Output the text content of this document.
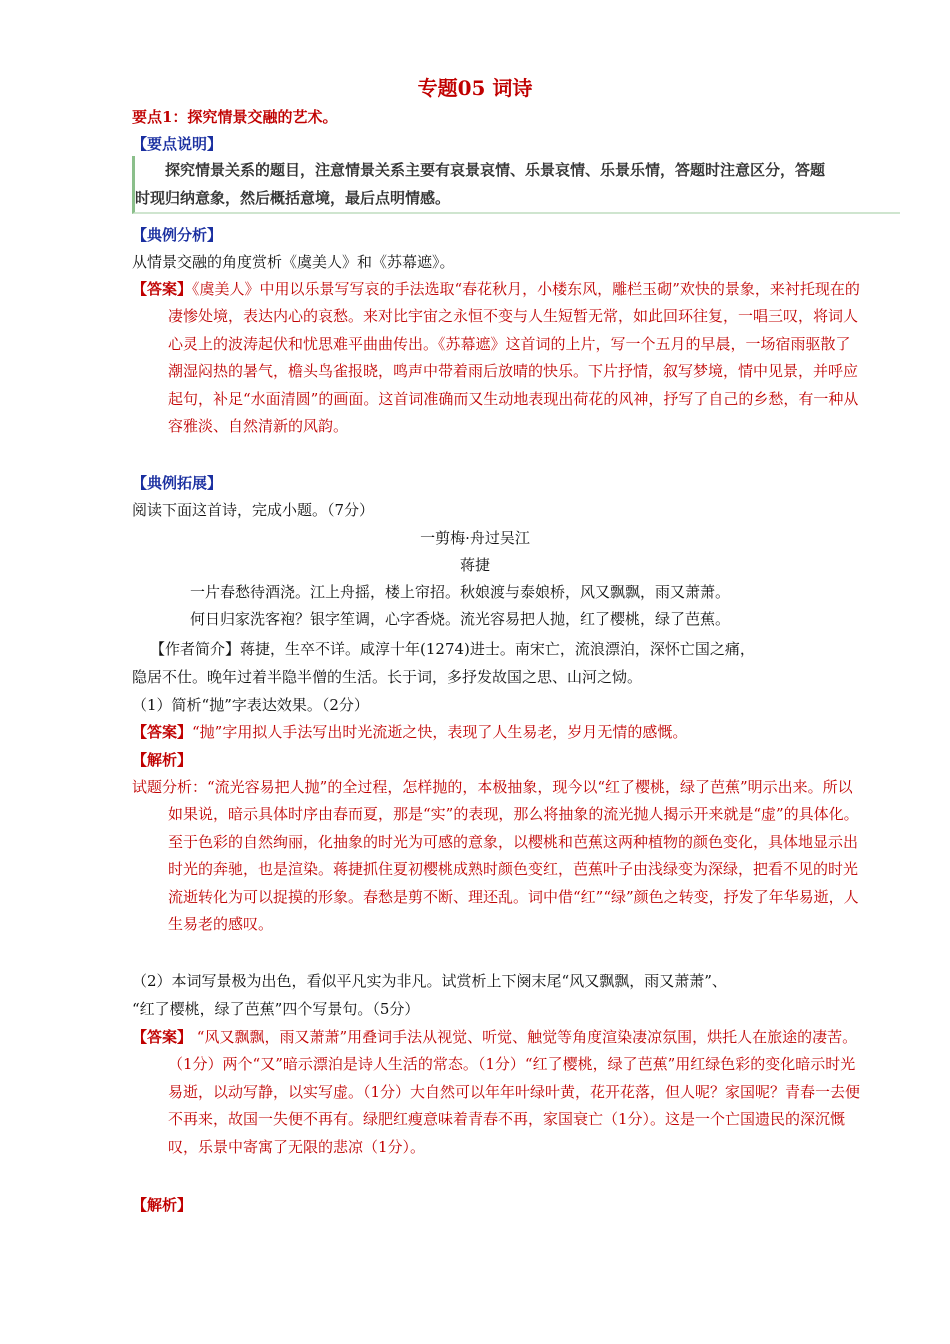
专题05 词诗
要点1：探究情景交融的艺术。
【要点说明】
探究情景关系的题目，注意情景关系主要有哀景哀情、乐景哀情、乐景乐情，答题时注意区分，答题
时现归纳意象，然后概括意境，最后点明情感。
【典例分析】
从情景交融的角度赏析《虞美人》和《苏幕遮》。
【答案】《虞美人》中用以乐景写写哀的手法选取“春花秋月，小楼东风，雕栏玉砌”欢快的景象，来衬托现在的凄惨处境，表达内心的哀愁。来对比宇宙之永恒不变与人生短暂无常，如此回环往复，一唱三叹，将词人心灵上的波涛起伏和忧思难平曲曲传出。《苏幕遮》这首词的上片，写一个五月的早晨，一场宿雨驱散了潮湿闷热的暑气，檐头鸟雀报晓，鸣声中带着雨后放晴的快乐。下片抒情，叙写梦境，情中见景，并呼应起句，补足“水面清圆”的画面。这首词准确而又生动地表现出荷花的风神，抒写了自己的乡愁，有一种从容雅淡、自然清新的风韵。
【典例拓展】
阅读下面这首诗，完成小题。（7分）
一剪梅·舟过吴江
蒋捷
一片春愁待酒浇。江上舟摇，楼上帘招。秋娘渡与泰娘桥，风又飘飘，雨又萧萧。
何日归家洗客袍？银字笙调，心字香烧。流光容易把人抛，红了樱桃，绿了芭蕉。
【作者简介】蒋捷，生卒不详。咸淳十年(1274)进士。南宋亡，流浪漂泊，深怀亡国之痛，
隐居不仕。晚年过着半隐半僧的生活。长于词，多抒发故国之思、山河之恸。
（1）简析“抛”字表达效果。（2分）
【答案】“抛”字用拟人手法写出时光流逝之快，表现了人生易老，岁月无情的感慨。
【解析】
试题分析：“流光容易把人抛”的全过程，怎样抛的，本极抽象，现今以“红了樱桃，绿了芭蕉”明示出来。所以如果说，暗示具体时序由春而夏，那是“实”的表现，那么将抽象的流光抛人揭示开来就是“虚”的具体化。至于色彩的自然绚丽，化抽象的时光为可感的意象，以樱桃和芭蕉这两种植物的颜色变化，具体地显示出时光的奔驰，也是渲染。蒋捷抓住夏初樱桃成熟时颜色变红，芭蕉叶子由浅绿变为深绿，把看不见的时光流逝转化为可以捉摸的形象。春愁是剪不断、理还乱。词中借“红”“绿”颜色之转变，抒发了年华易逝，人生易老的感叹。
（2）本词写景极为出色，看似平凡实为非凡。试赏析上下阕末尾“风又飘飘，雨又萧萧”、
“红了樱桃，绿了芭蕉”四个写景句。（5分）
【答案】 “风又飘飘，雨又萧萧”用叠词手法从视觉、听觉、触觉等角度渲染凄凉氛围，烘托人在旅途的凄苦。（1分）两个“又”暗示漂泊是诗人生活的常态。（1分）“红了樱桃，绿了芭蕉”用红绿色彩的变化暗示时光易逝，以动写静，以实写虚。（1分）大自然可以年年叶绿叶黄，花开花落，但人呢？家国呢？青春一去便不再来，故国一失便不再有。绿肥红瘦意味着青春不再，家国衰亡（1分）。这是一个亡国遗民的深沉慨叹，乐景中寄寓了无限的悲凉（1分）。
【解析】
